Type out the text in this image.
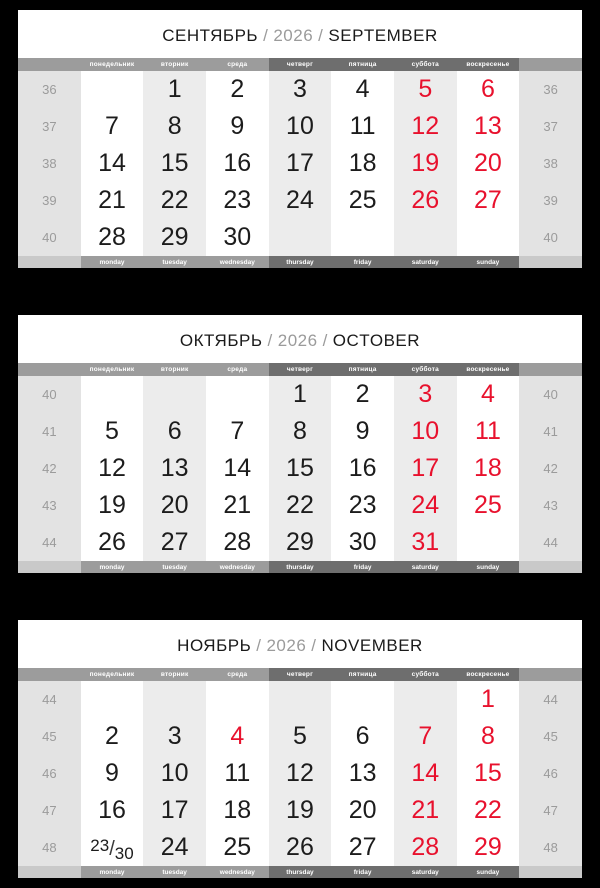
СЕНТЯБРЬ / 2026 / SEPTEMBER
	понедельник	вторник	среда	четверг	пятница	суббота	воскресенье	
36		1	2	3	4	5	6	36
37	7	8	9	10	11	12	13	37
38	14	15	16	17	18	19	20	38
39	21	22	23	24	25	26	27	39
40	28	29	30					40
	monday	tuesday	wednesday	thursday	friday	saturday	sunday	
ОКТЯБРЬ / 2026 / OCTOBER
	понедельник	вторник	среда	четверг	пятница	суббота	воскресенье	
40				1	2	3	4	40
41	5	6	7	8	9	10	11	41
42	12	13	14	15	16	17	18	42
43	19	20	21	22	23	24	25	43
44	26	27	28	29	30	31		44
	monday	tuesday	wednesday	thursday	friday	saturday	sunday	
НОЯБРЬ / 2026 / NOVEMBER
	понедельник	вторник	среда	четверг	пятница	суббота	воскресенье	
44							1	44
45	2	3	4	5	6	7	8	45
46	9	10	11	12	13	14	15	46
47	16	17	18	19	20	21	22	47
48	23/30	24	25	26	27	28	29	48
	monday	tuesday	wednesday	thursday	friday	saturday	sunday	
